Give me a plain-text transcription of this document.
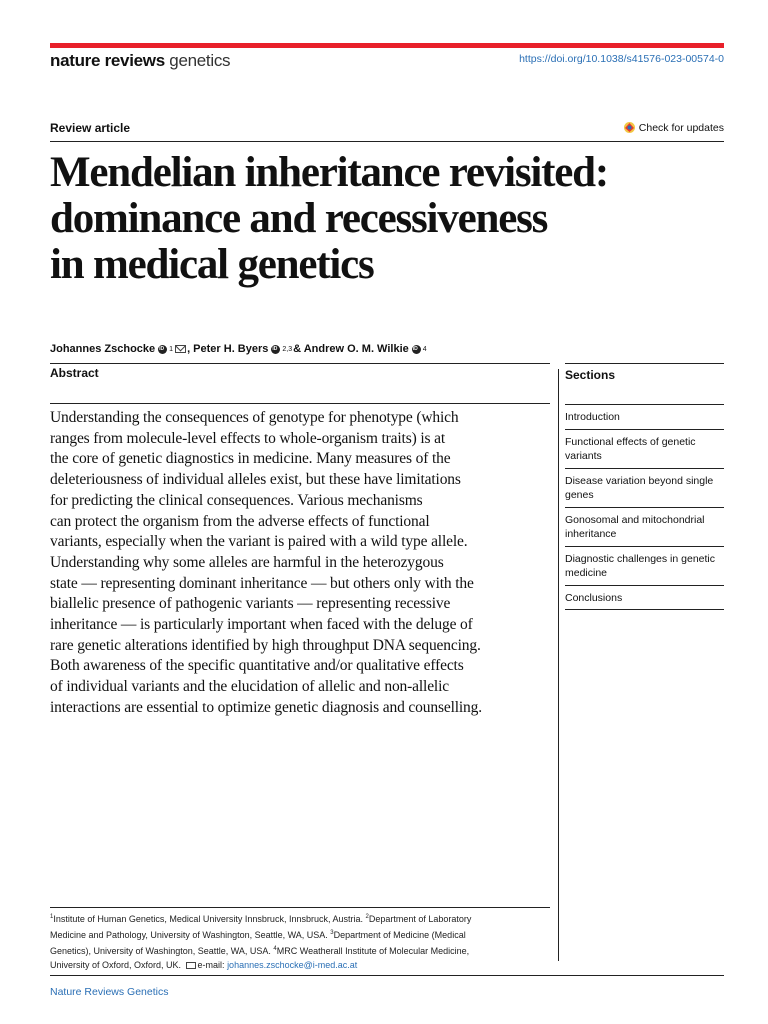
nature reviews genetics	https://doi.org/10.1038/s41576-023-00574-0
Review article	Check for updates
Mendelian inheritance revisited:
dominance and recessiveness
in medical genetics
Johannes Zschocke iD 1 , Peter H. Byers iD 2,3 & Andrew O. M. Wilkie iD 4
Abstract
Understanding the consequences of genotype for phenotype (which
ranges from molecule-level effects to whole-organism traits) is at
the core of genetic diagnostics in medicine. Many measures of the
deleteriousness of individual alleles exist, but these have limitations
for predicting the clinical consequences. Various mechanisms
can protect the organism from the adverse effects of functional
variants, especially when the variant is paired with a wild type allele.
Understanding why some alleles are harmful in the heterozygous
state — representing dominant inheritance — but others only with the
biallelic presence of pathogenic variants — representing recessive
inheritance — is particularly important when faced with the deluge of
rare genetic alterations identified by high throughput DNA sequencing.
Both awareness of the specific quantitative and/or qualitative effects
of individual variants and the elucidation of allelic and non-allelic
interactions are essential to optimize genetic diagnosis and counselling.
Sections
Introduction
Functional effects of genetic variants
Disease variation beyond single genes
Gonosomal and mitochondrial inheritance
Diagnostic challenges in genetic medicine
Conclusions
$^1$Institute of Human Genetics, Medical University Innsbruck, Innsbruck, Austria. $^2$Department of Laboratory
Medicine and Pathology, University of Washington, Seattle, WA, USA. $^3$Department of Medicine (Medical
Genetics), University of Washington, Seattle, WA, USA. $^4$MRC Weatherall Institute of Molecular Medicine,
University of Oxford, Oxford, UK. e-mail: johannes.zschocke@i-med.ac.at
Nature Reviews Genetics
